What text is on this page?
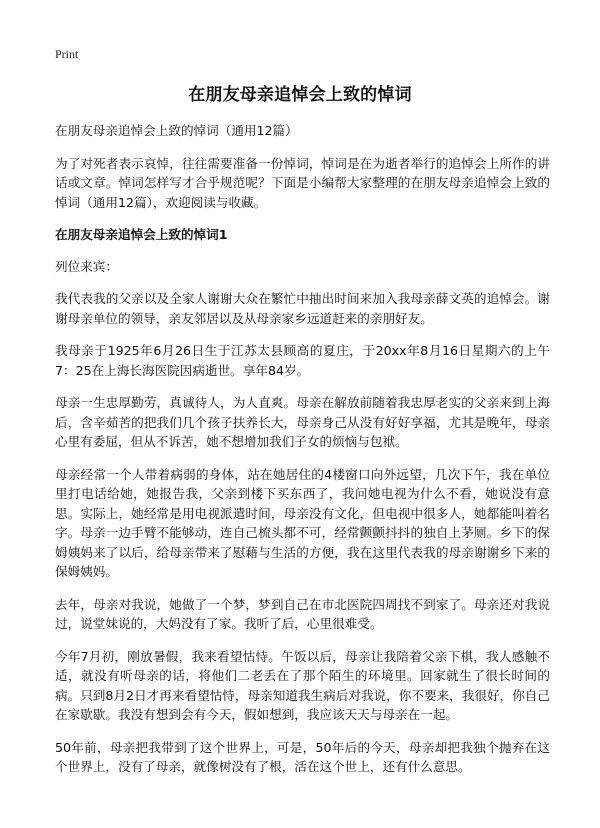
Print
在朋友母亲追悼会上致的悼词

在朋友母亲追悼会上致的悼词（通用12篇）

为了对死者表示哀悼，往往需要准备一份悼词，悼词是在为逝者举行的追悼会上所作的讲话或文章。悼词怎样写才合乎规范呢？下面是小编帮大家整理的在朋友母亲追悼会上致的悼词（通用12篇），欢迎阅读与收藏。

在朋友母亲追悼会上致的悼词1

列位来宾：

我代表我的父亲以及全家人谢谢大众在繁忙中抽出时间来加入我母亲薛文英的追悼会。谢谢母亲单位的领导，亲友邻居以及从母亲家乡远道赶来的亲朋好友。

我母亲于1925年6月26日生于江苏太县顾高的夏庄，于20xx年8月16日星期六的上午7：25在上海长海医院因病逝世。享年84岁。

母亲一生忠厚勤劳，真诚待人，为人直爽。母亲在解放前随着我忠厚老实的父亲来到上海后，含辛茹苦的把我们几个孩子扶养长大，母亲身己从没有好好享福，尤其是晚年，母亲心里有委屈，但从不诉苦，她不想增加我们子女的烦恼与包袱。

母亲经常一个人带着病弱的身体，站在她居住的4楼窗口向外远望，几次下午，我在单位里打电话给她，她报告我，父亲到楼下买东西了，我问她电视为什么不看，她说没有意思。实际上，她经常是用电视派遣时间，母亲没有文化，但电视中很多人，她都能叫着名字。母亲一边手臂不能够动，连自己梳头都不可，经常颤颤抖抖的独自上茅厕。乡下的保姆姨妈来了以后，给母亲带来了慰藉与生活的方便，我在这里代表我的母亲谢谢乡下来的保姆姨妈。

去年，母亲对我说，她做了一个梦，梦到自己在市北医院四周找不到家了。母亲还对我说过，说堂妹说的，大妈没有了家。我听了后，心里很难受。

今年7月初，刚放暑假，我来看望怙恃。午饭以后，母亲让我陪着父亲下棋，我人感触不适，就没有听母亲的话，将他们二老丢在了那个陌生的环境里。回家就生了很长时间的病。只到8月2日才再来看望怙恃，母亲知道我生病后对我说，你不要来，我很好，你自己在家歇歇。我没有想到会有今天，假如想到，我应该天天与母亲在一起。

50年前，母亲把我带到了这个世界上，可是，50年后的今天，母亲却把我独个抛弃在这个世界上，没有了母亲，就像树没有了根，活在这个世上，还有什么意思。
